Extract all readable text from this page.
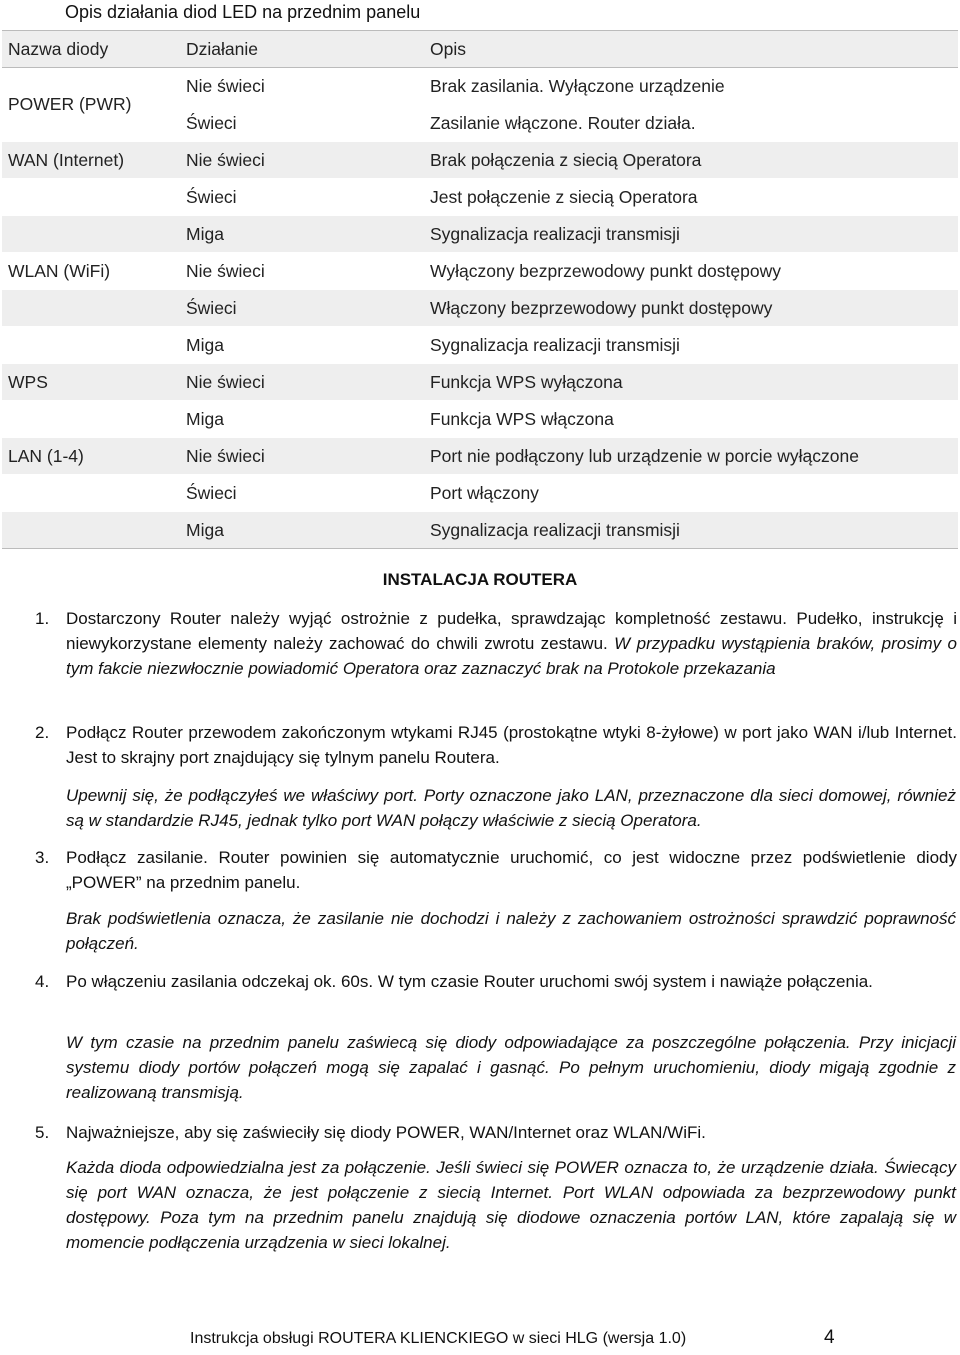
Opis działania diod LED na przednim panelu
Nazwa diody	Działanie	Opis
POWER (PWR)	Nie świeci	Brak zasilania. Wyłączone urządzenie
	Świeci	Zasilanie włączone. Router działa.
WAN (Internet)	Nie świeci	Brak połączenia z siecią Operatora
	Świeci	Jest połączenie z siecią Operatora
	Miga	Sygnalizacja realizacji transmisji
WLAN (WiFi)	Nie świeci	Wyłączony bezprzewodowy punkt dostępowy
	Świeci	Włączony bezprzewodowy punkt dostępowy
	Miga	Sygnalizacja realizacji transmisji
WPS	Nie świeci	Funkcja WPS wyłączona
	Miga	Funkcja WPS włączona
LAN (1-4)	Nie świeci	Port nie podłączony lub urządzenie w porcie wyłączone
	Świeci	Port włączony
	Miga	Sygnalizacja realizacji transmisji
INSTALACJA ROUTERA
1. Dostarczony Router należy wyjąć ostrożnie z pudełka, sprawdzając kompletność zestawu. Pudełko, instrukcję i niewykorzystane elementy należy zachować do chwili zwrotu zestawu. W przypadku wystąpienia braków, prosimy o tym fakcie niezwłocznie powiadomić Operatora oraz zaznaczyć brak na Protokole przekazania
2. Podłącz Router przewodem zakończonym wtykami RJ45 (prostokątne wtyki 8-żyłowe) w port jako WAN i/lub Internet. Jest to skrajny port znajdujący się tylnym panelu Routera.
Upewnij się, że podłączyłeś we właściwy port. Porty oznaczone jako LAN, przeznaczone dla sieci domowej, również są w standardzie RJ45, jednak tylko port WAN połączy właściwie z siecią Operatora.
3. Podłącz zasilanie. Router powinien się automatycznie uruchomić, co jest widoczne przez podświetlenie diody „POWER” na przednim panelu.
Brak podświetlenia oznacza, że zasilanie nie dochodzi i należy z zachowaniem ostrożności sprawdzić poprawność połączeń.
4. Po włączeniu zasilania odczekaj ok. 60s. W tym czasie Router uruchomi swój system i nawiąże połączenia.
W tym czasie na przednim panelu zaświecą się diody odpowiadające za poszczególne połączenia. Przy inicjacji systemu diody portów połączeń mogą się zapalać i gasnąć. Po pełnym uruchomieniu, diody migają zgodnie z realizowaną transmisją.
5. Najważniejsze, aby się zaświeciły się diody POWER, WAN/Internet oraz WLAN/WiFi.
Każda dioda odpowiedzialna jest za połączenie. Jeśli świeci się POWER oznacza to, że urządzenie działa. Świecący się port WAN oznacza, że jest połączenie z siecią Internet. Port WLAN odpowiada za bezprzewodowy punkt dostępowy. Poza tym na przednim panelu znajdują się diodowe oznaczenia portów LAN, które zapalają się w momencie podłączenia urządzenia w sieci lokalnej.
Instrukcja obsługi ROUTERA KLIENCKIEGO w sieci HLG (wersja 1.0)	4
